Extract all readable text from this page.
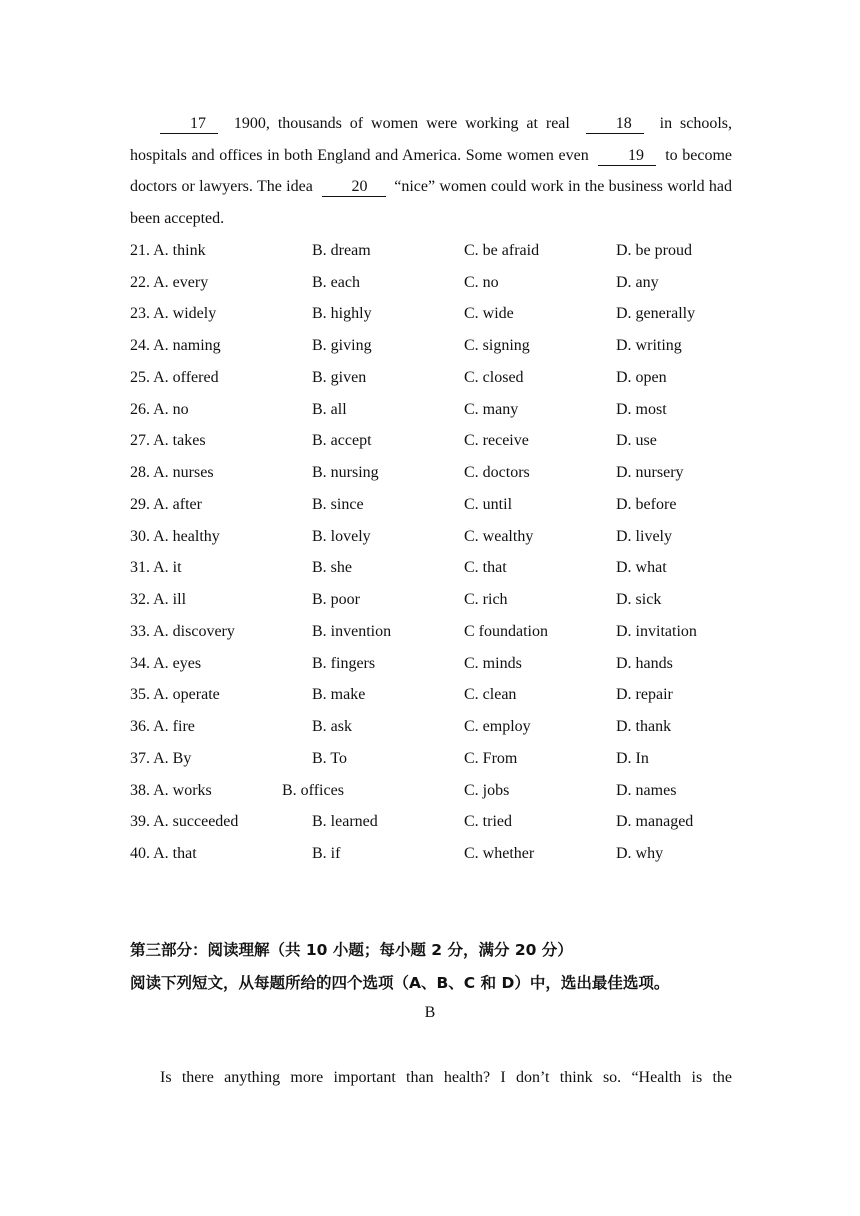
17 1900, thousands of women were working at real	18 in schools, hospitals and offices in both England and America. Some women even 19 to become doctors or lawyers. The idea 20 “nice” women could work in the business world had been accepted.

21. A. think	B. dream	C. be afraid	D. be proud
22. A. every	B. each	C. no	D. any
23. A. widely	B. highly	C. wide	D. generally
24. A. naming	B. giving	C. signing	D. writing
25. A. offered	B. given	C. closed	D. open
26. A. no	B. all	C. many	D. most
27. A. takes	B. accept	C. receive	D. use
28. A. nurses	B. nursing	C. doctors	D. nursery
29. A. after	B. since	C. until	D. before
30. A. healthy	B. lovely	C. wealthy	D. lively
31. A. it	B. she	C. that	D. what
32. A. ill	B. poor	C. rich	D. sick
33. A. discovery	B. invention	C foundation	D. invitation
34. A. eyes	B. fingers	C. minds	D. hands
35. A. operate	B. make	C. clean	D. repair
36. A. fire	B. ask	C. employ	D. thank
37. A. By	B. To	C. From	D. In
38. A. works	B. offices	C. jobs	D. names
39. A. succeeded	B. learned	C. tried	D. managed
40. A. that	B. if	C. whether	D. why
第三部分：阅读理解（共 10 小题；每小题 2 分，满分 20 分）
阅读下列短文，从每题所给的四个选项（A、B、C 和 D）中，选出最佳选项。
B

Is there anything more important than health? I don’t think so. “Health is the
